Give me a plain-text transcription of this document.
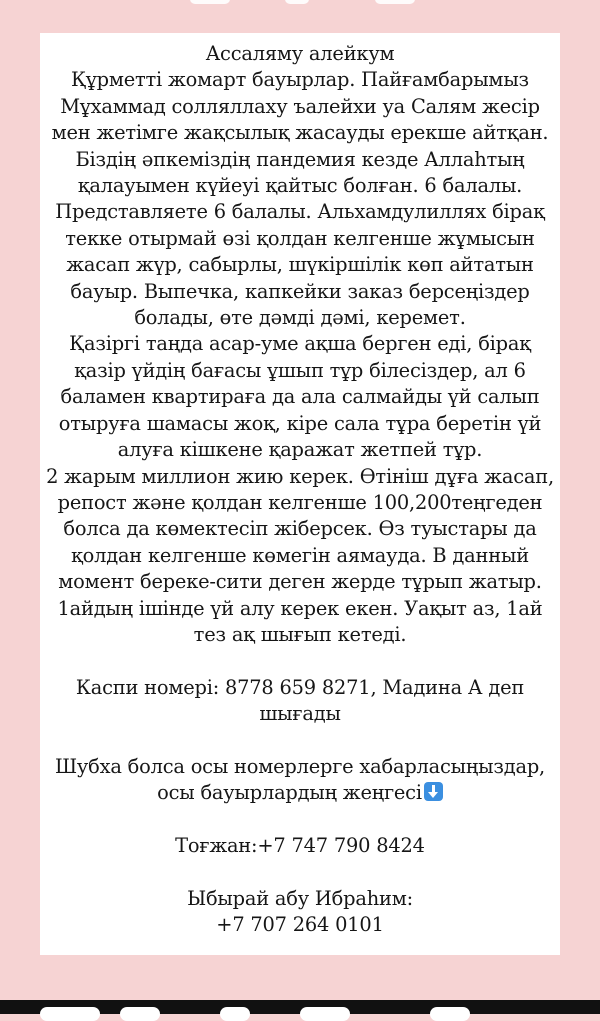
Ассаляму алейкум
Құрметті жомарт бауырлар. Пайғамбарымыз
Мұхаммад солляллаху ъалейхи уа Салям жесір
мен жетімге жақсылық жасауды ерекше айтқан.
Біздің әпкеміздің пандемия кезде Аллаһтың
қалауымен күйеуі қайтыс болған. 6 балалы.
Представляете 6 балалы. Альхамдулиллях бірақ
текке отырмай өзі қолдан келгенше жұмысын
жасап жүр, сабырлы, шүкіршілік көп айтатын
бауыр. Выпечка, капкейки заказ берсеңіздер
болады, өте дәмді дәмі, керемет.
Қазіргі таңда асар-уме ақша берген еді, бірақ
қазір үйдің бағасы ұшып тұр білесіздер, ал 6
баламен квартираға да ала салмайды үй салып
отыруға шамасы жоқ, кіре сала тұра беретін үй
алуға кішкене қаражат жетпей тұр.
2 жарым миллион жию керек. Өтініш дұға жасап,
репост және қолдан келгенше 100,200теңгеден
болса да көмектесіп жіберсек. Өз туыстары да
қолдан келгенше көмегін аямауда. В данный
момент береке-сити деген жерде тұрып жатыр.
1айдың ішінде үй алу керек екен. Уақыт аз, 1ай
тез ақ шығып кетеді.
Каспи номері: 8778 659 8271, Мадина А деп
шығады
Шубха болса осы номерлерге хабарласыңыздар,
осы бауырлардың жеңгесі
Тоғжан:+7 747 790 8424
Ыбырай абу Ибраһим:
+7 707 264 0101
